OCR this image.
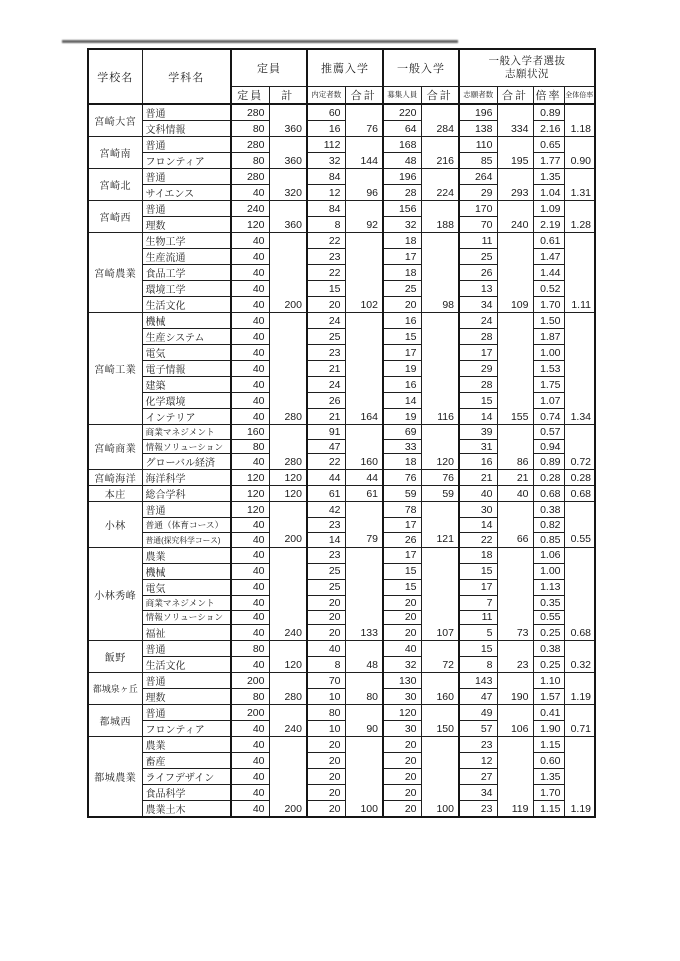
学校名	学科名	定員		推薦入学		一般入学		一般入学者選抜
志願状況			

		定員	計	内定者数	合計	募集人員	合計	志願者数	合計	倍率	全体倍率
宮崎大宮	普通	280	360	60	76	220	284	196	334	0.89	1.18
	文科情報	80		16		64		138		2.16	
宮崎南	普通	280	360	112	144	168	216	110	195	0.65	0.90
	フロンティア	80		32		48		85		1.77	
宮崎北	普通	280	320	84	96	196	224	264	293	1.35	1.31
	サイエンス	40		12		28		29		1.04	
宮崎西	普通	240	360	84	92	156	188	170	240	1.09	1.28
	理数	120		8		32		70		2.19	
宮崎農業	生物工学	40	200	22	102	18	98	11	109	0.61	1.11
	生産流通	40		23		17		25		1.47	
	食品工学	40		22		18		26		1.44	
	環境工学	40		15		25		13		0.52	
	生活文化	40		20		20		34		1.70	
宮崎工業	機械	40	280	24	164	16	116	24	155	1.50	1.34
	生産システム	40		25		15		28		1.87	
	電気	40		23		17		17		1.00	
	電子情報	40		21		19		29		1.53	
	建築	40		24		16		28		1.75	
	化学環境	40		26		14		15		1.07	
	インテリア	40		21		19		14		0.74	
宮崎商業	商業マネジメント	160	280	91	160	69	120	39	86	0.57	0.72
	情報ソリューション	80		47		33		31		0.94	
	グローバル経済	40		22		18		16		0.89	
宮崎海洋	海洋科学	120	120	44	44	76	76	21	21	0.28	0.28
本庄	総合学科	120	120	61	61	59	59	40	40	0.68	0.68
小林	普通	120	200	42	79	78	121	30	66	0.38	0.55
	普通（体育コース）	40		23		17		14		0.82	
	普通(探究科学コース)	40		14		26		22		0.85	
小林秀峰	農業	40	240	23	133	17	107	18	73	1.06	0.68
	機械	40		25		15		15		1.00	
	電気	40		25		15		17		1.13	
	商業マネジメント	40		20		20		7		0.35	
	情報ソリューション	40		20		20		11		0.55	
	福祉	40		20		20		5		0.25	
飯野	普通	80	120	40	48	40	72	15	23	0.38	0.32
	生活文化	40		8		32		8		0.25	
都城泉ヶ丘	普通	200	280	70	80	130	160	143	190	1.10	1.19
	理数	80		10		30		47		1.57	
都城西	普通	200	240	80	90	120	150	49	106	0.41	0.71
	フロンティア	40		10		30		57		1.90	
都城農業	農業	40	200	20	100	20	100	23	119	1.15	1.19
	畜産	40		20		20		12		0.60	
	ライフデザイン	40		20		20		27		1.35	
	食品科学	40		20		20		34		1.70	
	農業土木	40		20		20		23		1.15	
